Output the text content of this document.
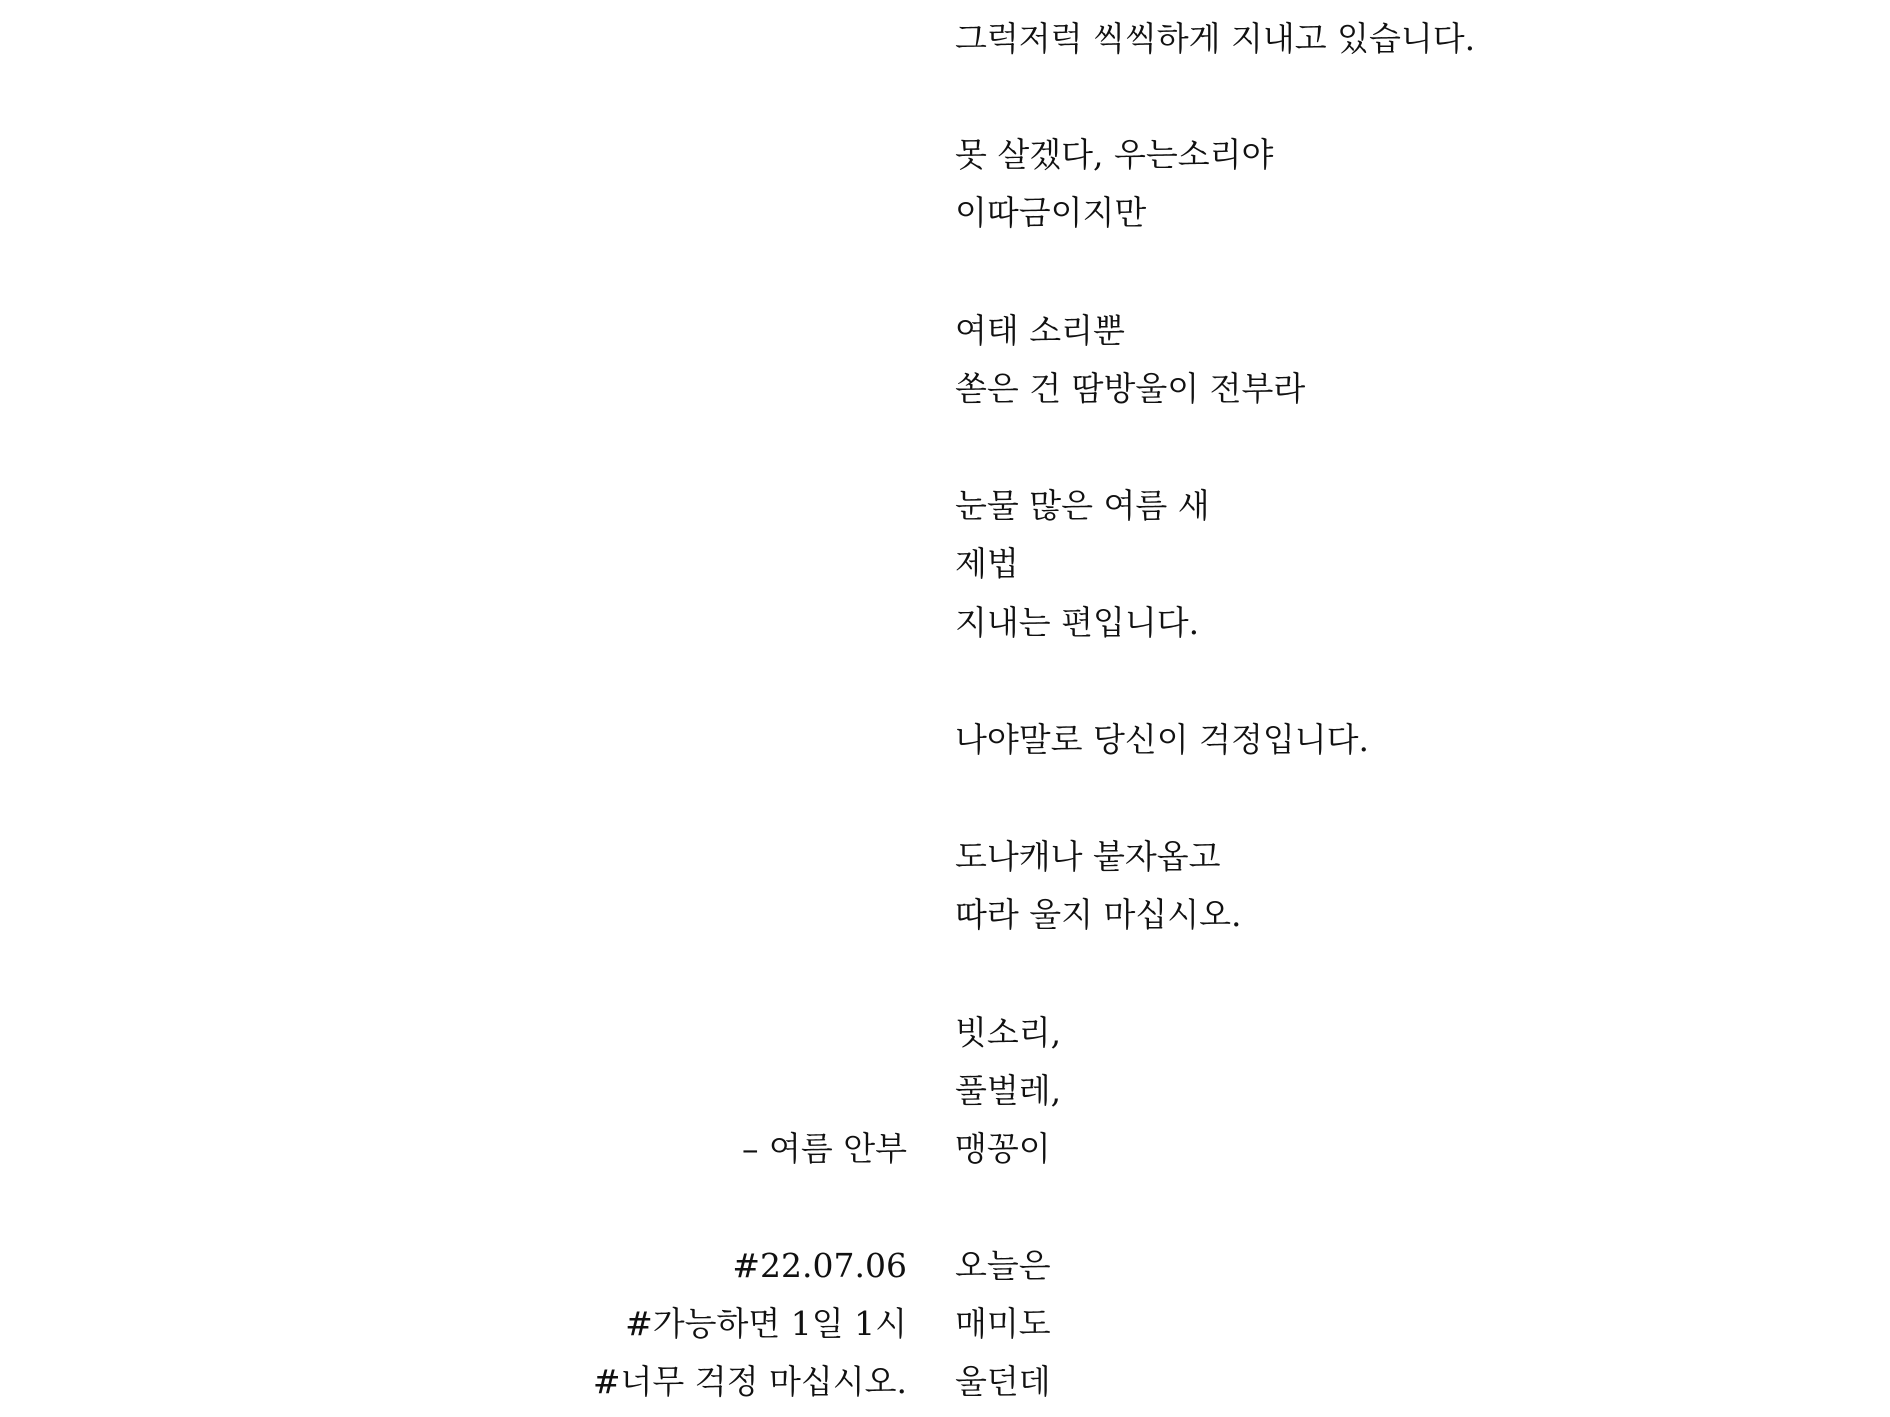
그럭저럭 씩씩하게 지내고 있습니다.
못 살겠다, 우는소리야
이따금이지만
여태 소리뿐
쏟은 건 땀방울이 전부라
눈물 많은 여름 새
제법
지내는 편입니다.
나야말로 당신이 걱정입니다.
도나캐나 붙자옵고
따라 울지 마십시오.
빗소리,
풀벌레,
맹꽁이
– 여름 안부
오늘은
매미도
울던데
#22.07.06
#가능하면 1일 1시
#너무 걱정 마십시오.
